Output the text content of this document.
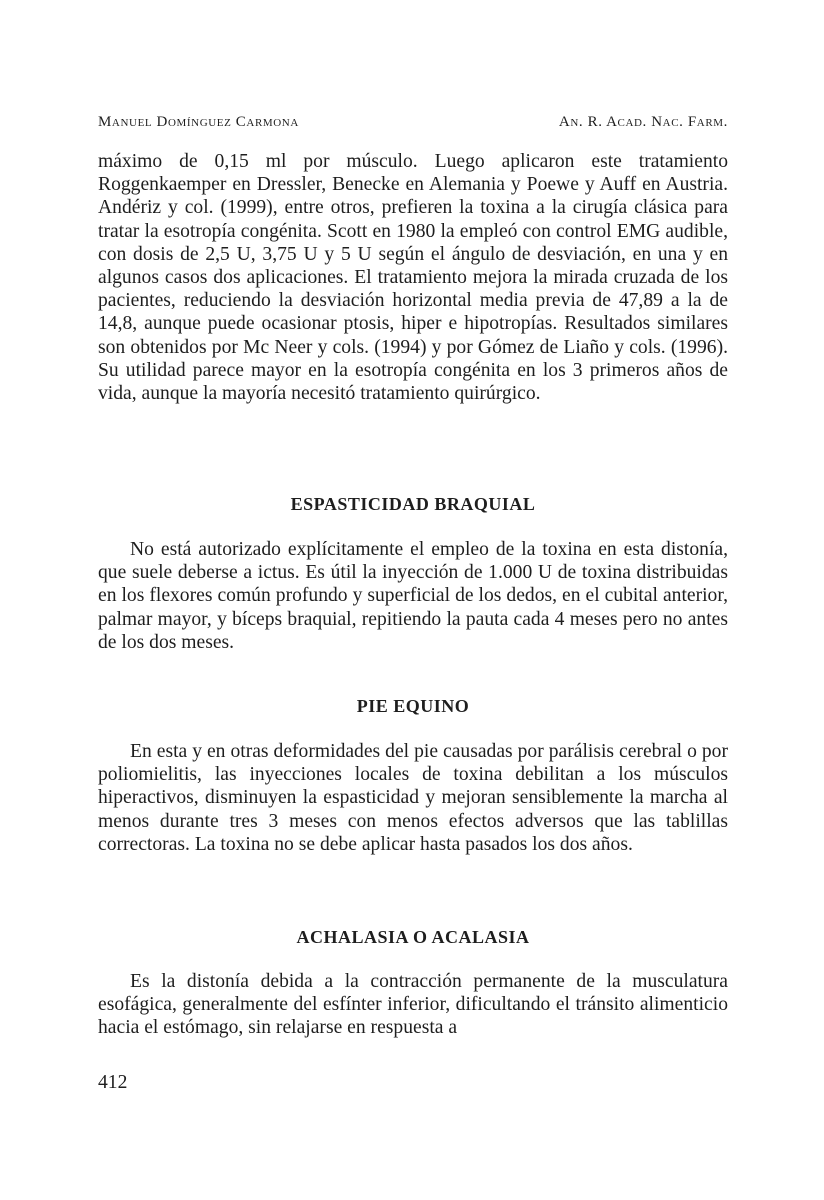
Manuel Domínguez Carmona	An. R. Acad. Nac. Farm.

máximo de 0,15 ml por músculo. Luego aplicaron este tratamiento Roggenkaemper en Dressler, Benecke en Alemania y Poewe y Auff en Austria. Andériz y col. (1999), entre otros, prefieren la toxina a la cirugía clásica para tratar la esotropía congénita. Scott en 1980 la empleó con control EMG audible, con dosis de 2,5 U, 3,75 U y 5 U según el ángulo de desviación, en una y en algunos casos dos aplicaciones. El tratamiento mejora la mirada cruzada de los pacientes, reduciendo la desviación horizontal media previa de 47,89 a la de 14,8, aunque puede ocasionar ptosis, hiper e hipotropías. Resultados similares son obtenidos por Mc Neer y cols. (1994) y por Gómez de Liaño y cols. (1996). Su utilidad parece mayor en la esotropía congénita en los 3 primeros años de vida, aunque la mayoría necesitó tratamiento quirúrgico.

ESPASTICIDAD BRAQUIAL

No está autorizado explícitamente el empleo de la toxina en esta distonía, que suele deberse a ictus. Es útil la inyección de 1.000 U de toxina distribuidas en los flexores común profundo y superficial de los dedos, en el cubital anterior, palmar mayor, y bíceps braquial, repitiendo la pauta cada 4 meses pero no antes de los dos meses.

PIE EQUINO

En esta y en otras deformidades del pie causadas por parálisis cerebral o por poliomielitis, las inyecciones locales de toxina debilitan a los músculos hiperactivos, disminuyen la espasticidad y mejoran sensiblemente la marcha al menos durante tres 3 meses con menos efectos adversos que las tablillas correctoras. La toxina no se debe aplicar hasta pasados los dos años.

ACHALASIA O ACALASIA

Es la distonía debida a la contracción permanente de la musculatura esofágica, generalmente del esfínter inferior, dificultando el tránsito alimenticio hacia el estómago, sin relajarse en respuesta a

412
